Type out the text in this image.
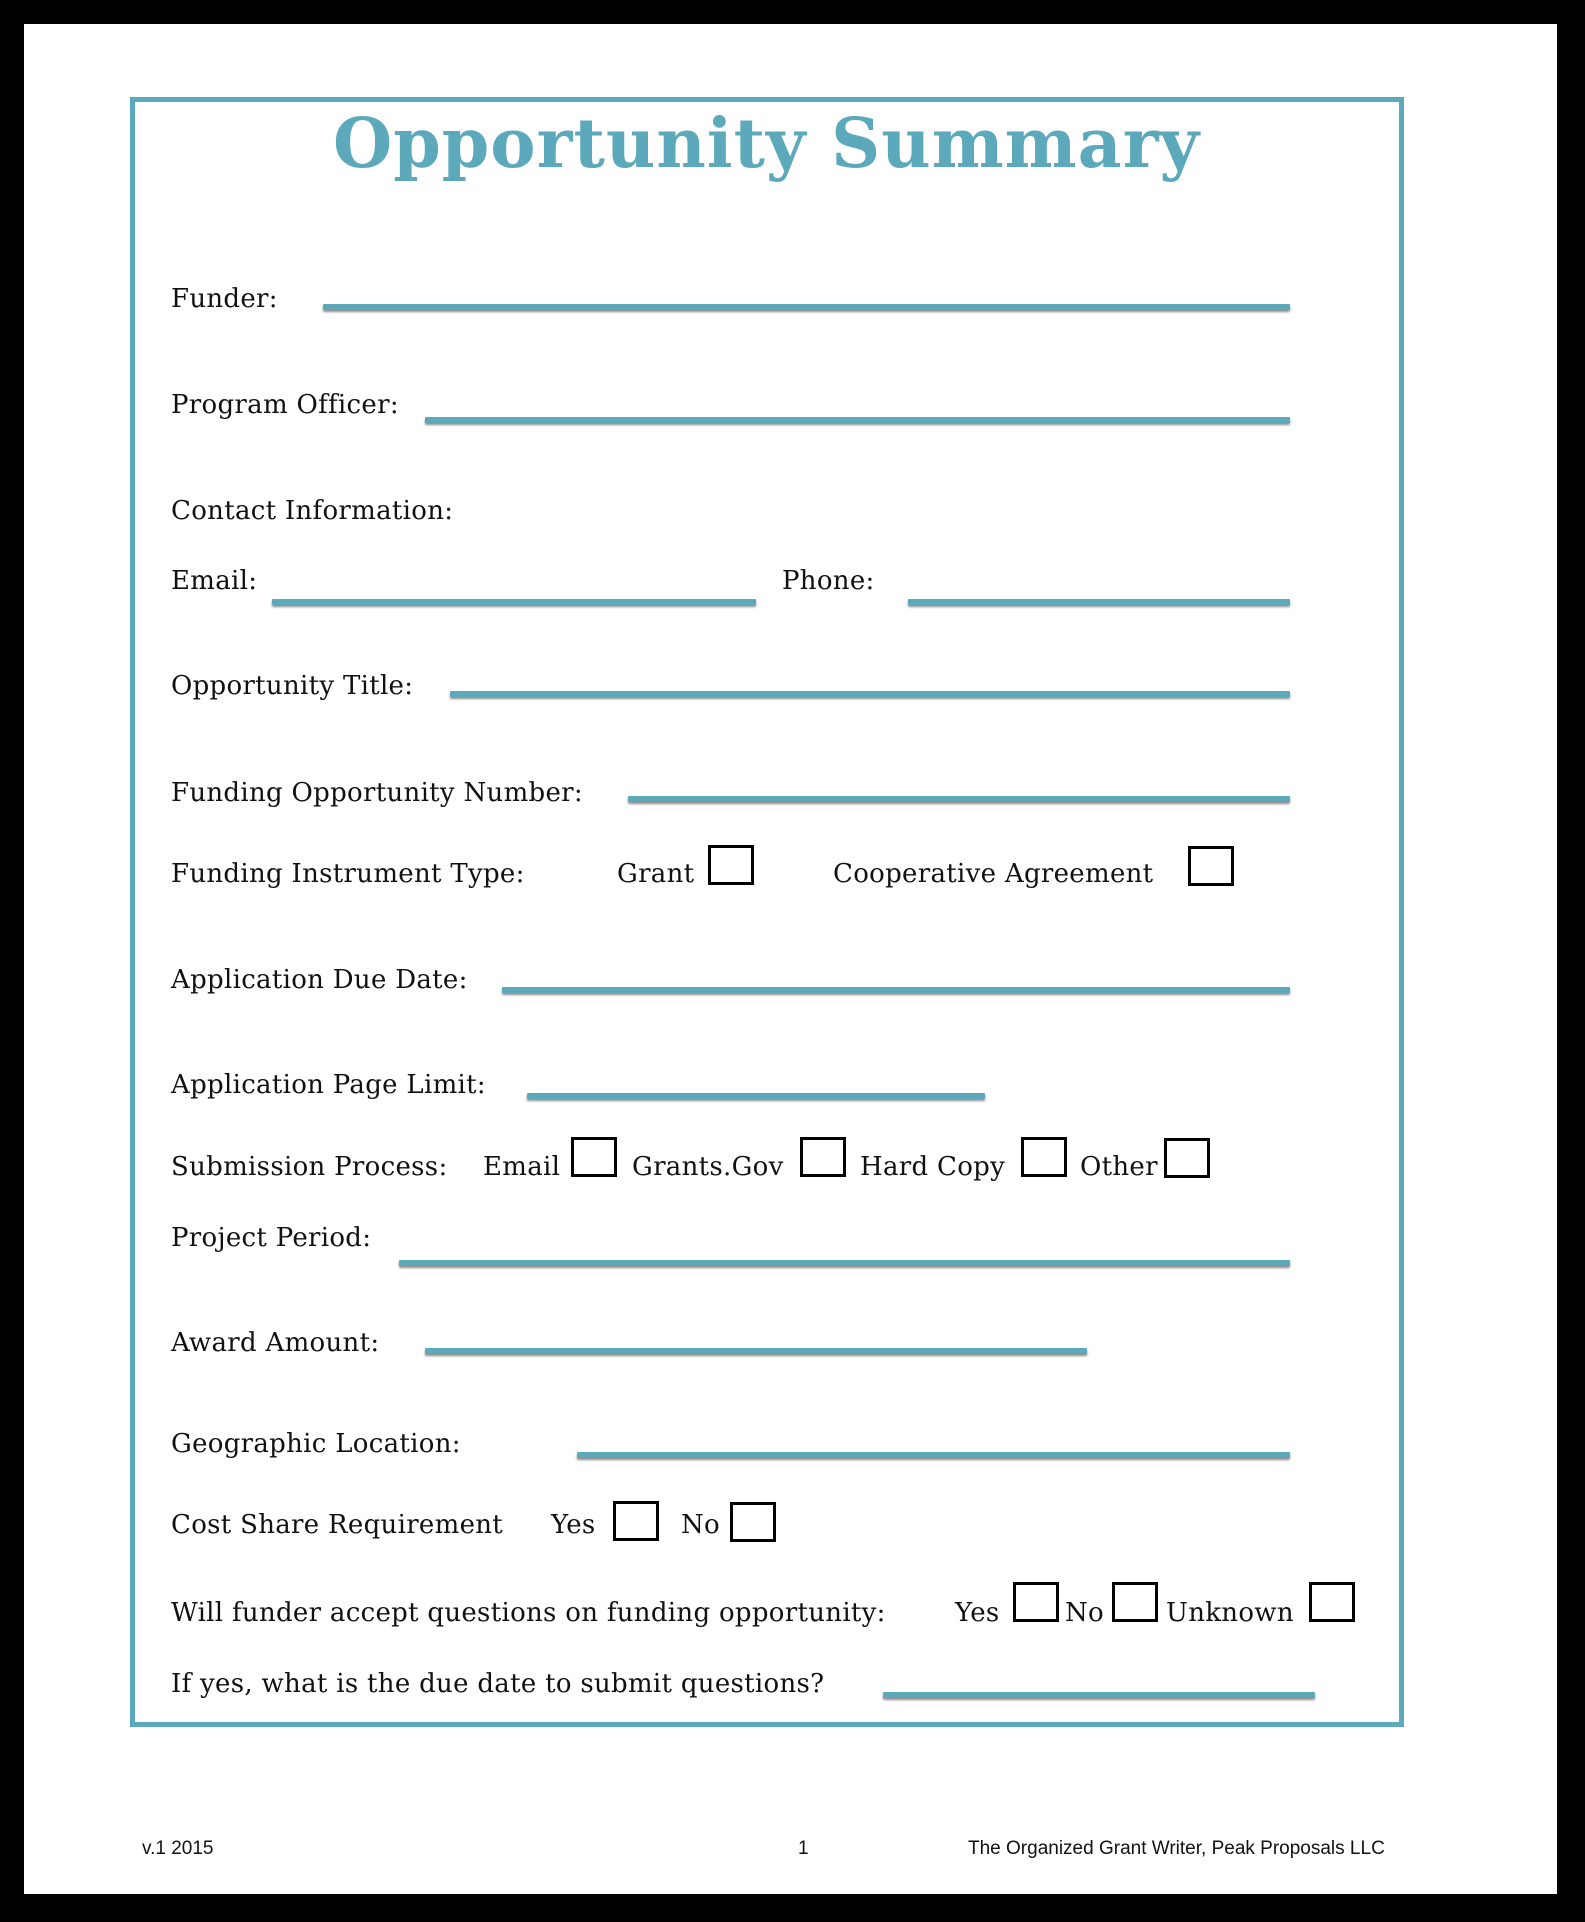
Opportunity Summary
Funder:
Program Officer:
Contact Information:
Email:	Phone:
Opportunity Title:
Funding Opportunity Number:
Funding Instrument Type:	Grant	Cooperative Agreement
Application Due Date:
Application Page Limit:
Submission Process: Email	Grants.Gov	Hard Copy	Other
Project Period:
Award Amount:
Geographic Location:
Cost Share Requirement Yes	No
Will funder accept questions on funding opportunity:	Yes	No Unknown
If yes, what is the due date to submit questions?
v.1 2015	1	The Organized Grant Writer, Peak Proposals LLC
